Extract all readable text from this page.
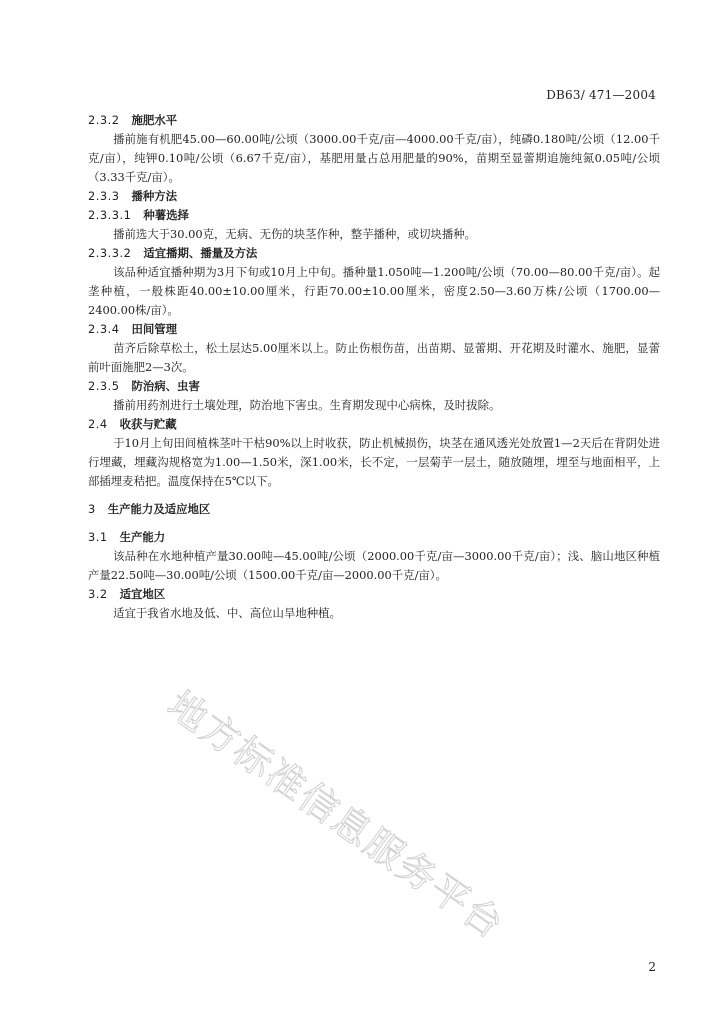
DB63/ 471—2004
2.3.2 施肥水平

播前施有机肥45.00—60.00吨/公顷（3000.00千克/亩—4000.00千克/亩），纯磷0.180吨/公顷（12.00千克/亩），纯钾0.10吨/公顷（6.67千克/亩），基肥用量占总用肥量的90%，苗期至显蕾期追施纯氮0.05吨/公顷（3.33千克/亩）。

2.3.3 播种方法
2.3.3.1 种薯选择

播前选大于30.00克，无病、无伤的块茎作种，整芋播种，或切块播种。

2.3.3.2 适宜播期、播量及方法

该品种适宜播种期为3月下旬或10月上中旬。播种量1.050吨—1.200吨/公顷（70.00—80.00千克/亩）。起垄种植，一般株距40.00±10.00厘米，行距70.00±10.00厘米，密度2.50—3.60万株/公顷（1700.00—2400.00株/亩）。

2.3.4 田间管理

苗齐后除草松土，松土层达5.00厘米以上。防止伤根伤苗，出苗期、显蕾期、开花期及时灌水、施肥，显蕾前叶面施肥2—3次。

2.3.5 防治病、虫害

播前用药剂进行土壤处理，防治地下害虫。生育期发现中心病株，及时拔除。

2.4 收获与贮藏

于10月上旬田间植株茎叶干枯90%以上时收获，防止机械损伤，块茎在通风透光处放置1—2天后在背阴处进行埋藏，埋藏沟规格宽为1.00—1.50米，深1.00米，长不定，一层菊芋一层土，随放随埋，埋至与地面相平，上部插埋麦秸把。温度保持在5℃以下。

3 生产能力及适应地区
3.1 生产能力

该品种在水地种植产量30.00吨—45.00吨/公顷（2000.00千克/亩—3000.00千克/亩）；浅、脑山地区种植产量22.50吨—30.00吨/公顷（1500.00千克/亩—2000.00千克/亩）。

3.2 适宜地区

适宜于我省水地及低、中、高位山旱地种植。

地方标准信息服务平台
2
